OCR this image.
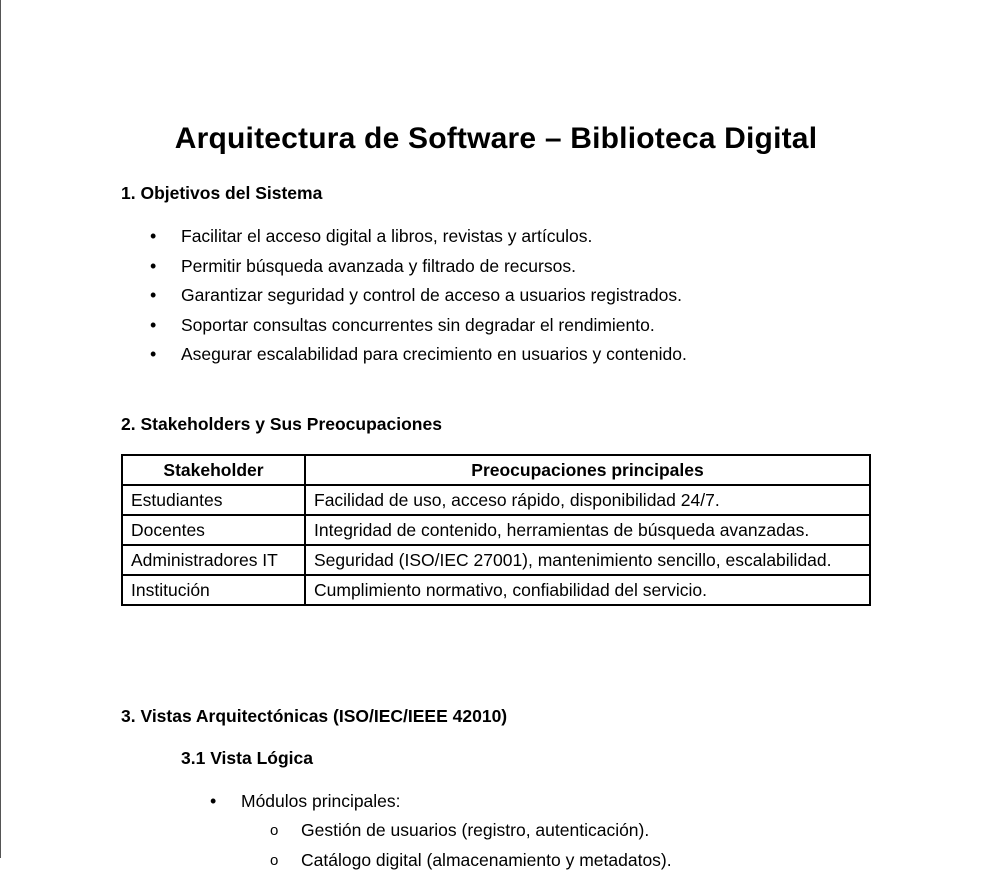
Arquitectura de Software – Biblioteca Digital
1. Objetivos del Sistema
• Facilitar el acceso digital a libros, revistas y artículos.
• Permitir búsqueda avanzada y filtrado de recursos.
• Garantizar seguridad y control de acceso a usuarios registrados.
• Soportar consultas concurrentes sin degradar el rendimiento.
• Asegurar escalabilidad para crecimiento en usuarios y contenido.
2. Stakeholders y Sus Preocupaciones
Stakeholder	Preocupaciones principales
Estudiantes	Facilidad de uso, acceso rápido, disponibilidad 24/7.
Docentes	Integridad de contenido, herramientas de búsqueda avanzadas.
Administradores IT	Seguridad (ISO/IEC 27001), mantenimiento sencillo, escalabilidad.
Institución	Cumplimiento normativo, confiabilidad del servicio.
3. Vistas Arquitectónicas (ISO/IEC/IEEE 42010)
3.1 Vista Lógica
• Módulos principales:
o Gestión de usuarios (registro, autenticación).
o Catálogo digital (almacenamiento y metadatos).
